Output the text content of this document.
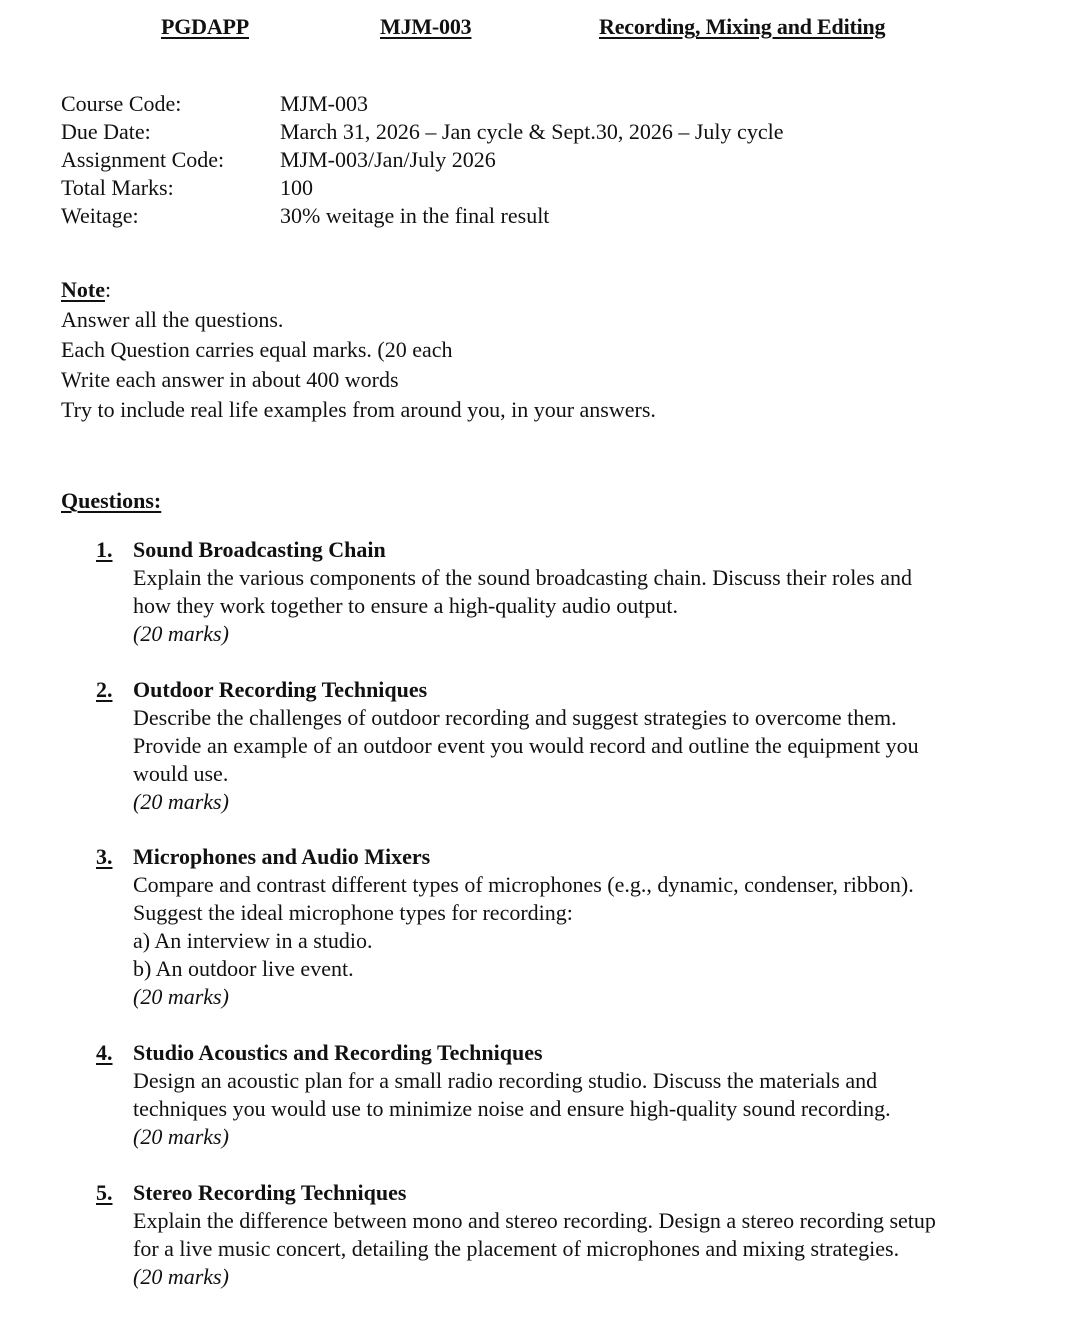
PGDAPP	MJM-003	Recording, Mixing and Editing
Course Code:	MJM-003
Due Date:	March 31, 2026 – Jan cycle & Sept.30, 2026 – July cycle
Assignment Code:	MJM-003/Jan/July 2026
Total Marks:	100
Weitage:	30% weitage in the final result
Note:
Answer all the questions.
Each Question carries equal marks. (20 each
Write each answer in about 400 words
Try to include real life examples from around you, in your answers.
Questions:
1. Sound Broadcasting Chain
Explain the various components of the sound broadcasting chain. Discuss their roles and
how they work together to ensure a high-quality audio output.
(20 marks)
2. Outdoor Recording Techniques
Describe the challenges of outdoor recording and suggest strategies to overcome them.
Provide an example of an outdoor event you would record and outline the equipment you
would use.
(20 marks)
3. Microphones and Audio Mixers
Compare and contrast different types of microphones (e.g., dynamic, condenser, ribbon).
Suggest the ideal microphone types for recording:
a) An interview in a studio.
b) An outdoor live event.
(20 marks)
4. Studio Acoustics and Recording Techniques
Design an acoustic plan for a small radio recording studio. Discuss the materials and
techniques you would use to minimize noise and ensure high-quality sound recording.
(20 marks)
5. Stereo Recording Techniques
Explain the difference between mono and stereo recording. Design a stereo recording setup
for a live music concert, detailing the placement of microphones and mixing strategies.
(20 marks)
